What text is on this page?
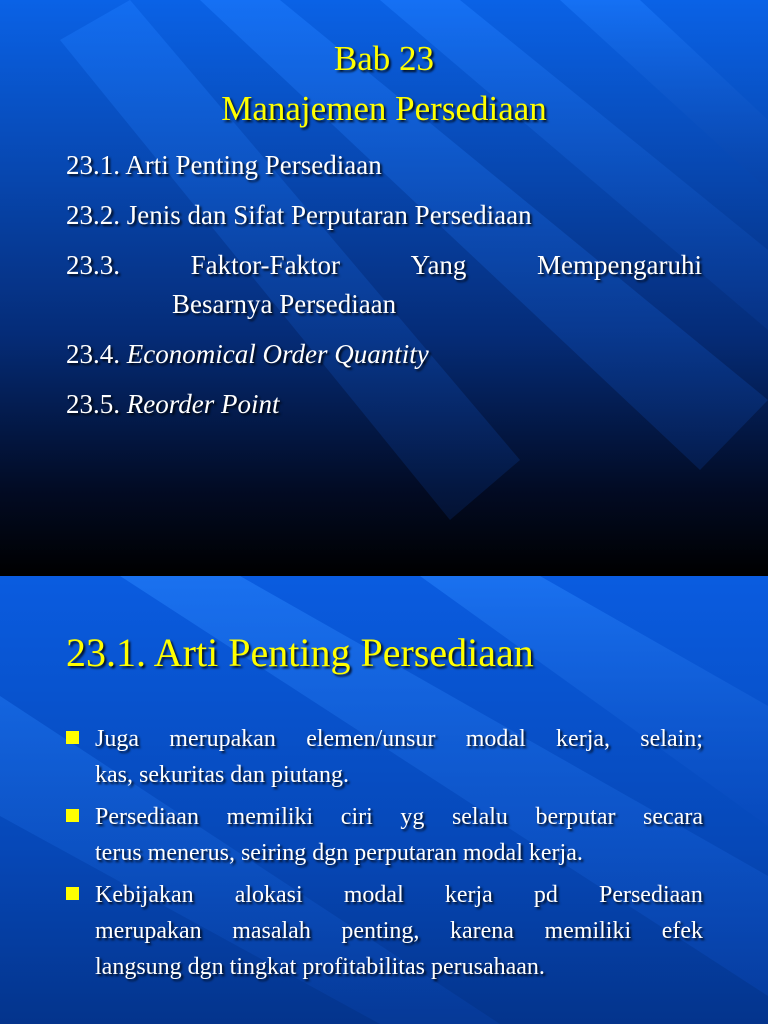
Bab 23
Manajemen Persediaan
23.1. Arti Penting Persediaan
23.2. Jenis dan Sifat Perputaran Persediaan
23.3.	Faktor-Faktor	Yang	Mempengaruhi
Besarnya Persediaan
23.4. Economical Order Quantity
23.5. Reorder Point
23.1. Arti Penting Persediaan
Juga merupakan elemen/unsur modal kerja, selain;
kas, sekuritas dan piutang.
Persediaan memiliki ciri yg selalu berputar secara
terus menerus, seiring dgn perputaran modal kerja.
Kebijakan alokasi modal kerja pd Persediaan
merupakan masalah penting, karena memiliki efek
langsung dgn tingkat profitabilitas perusahaan.
